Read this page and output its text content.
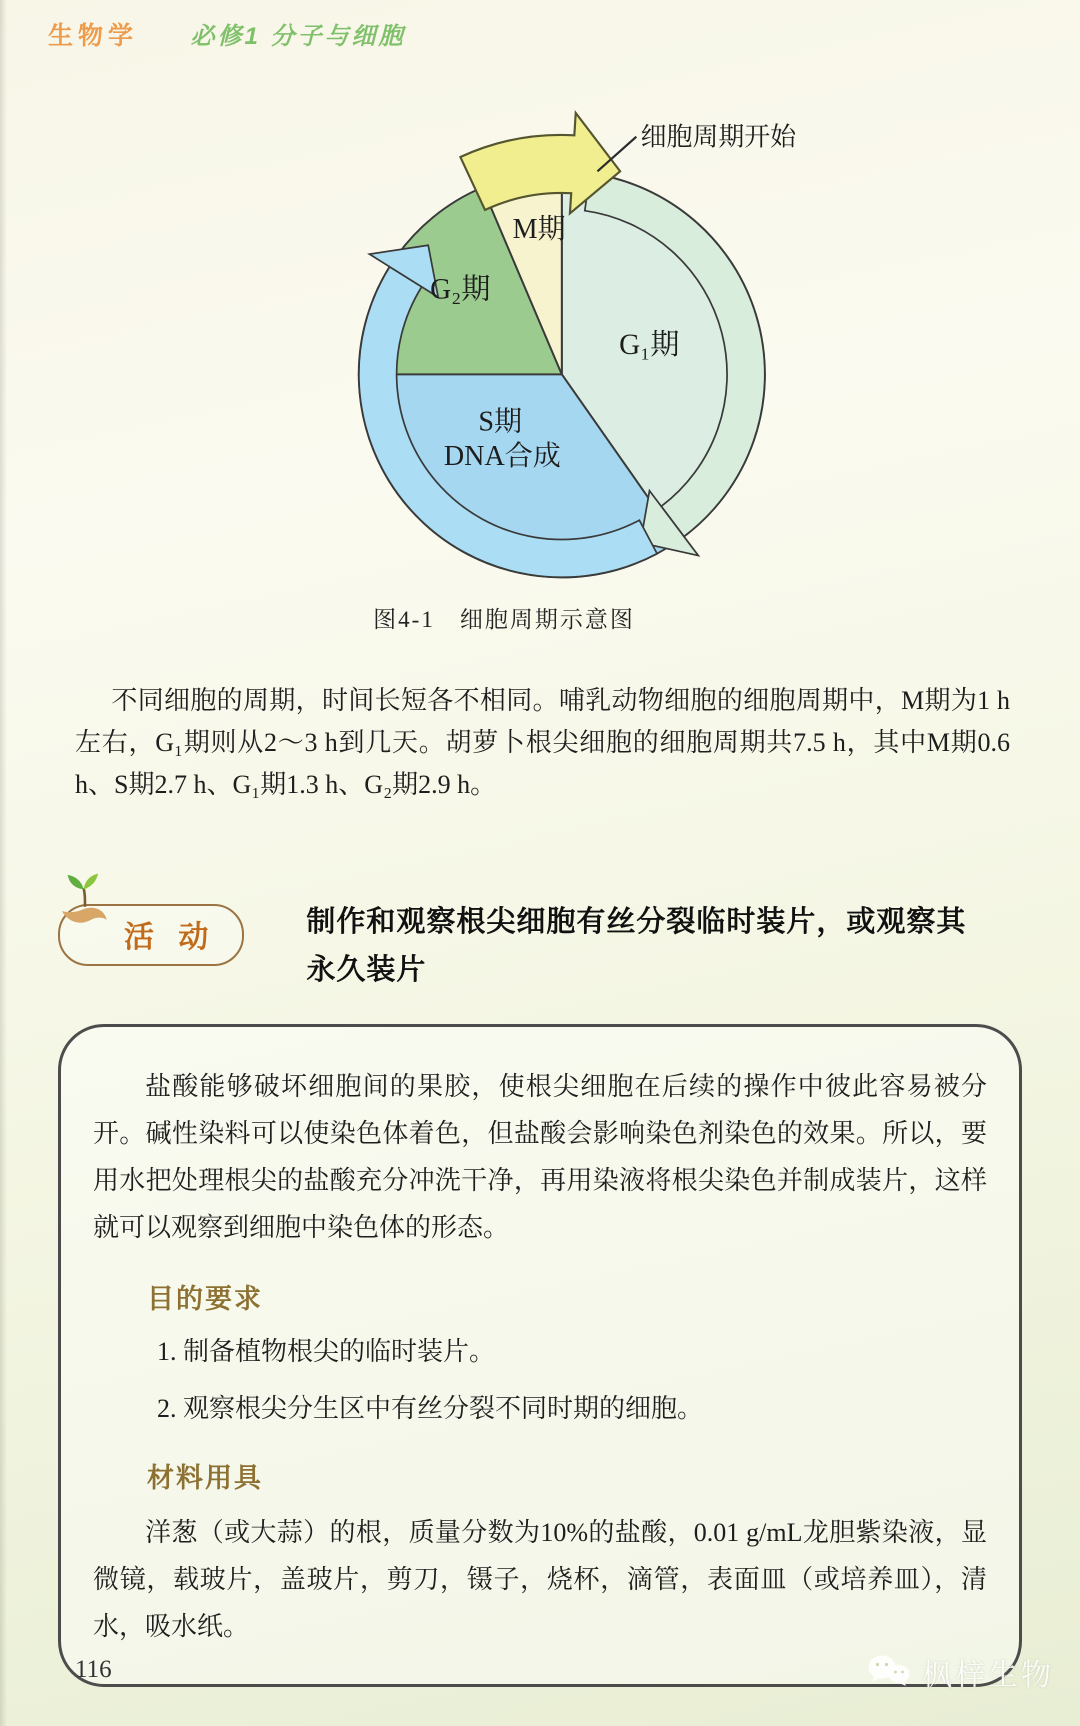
生物学 必修1 分子与细胞
细胞周期开始
M期
G₂期
G₁期
S期
DNA合成
图4-1　细胞周期示意图

不同细胞的周期，时间长短各不相同。哺乳动物细胞的细胞周期中，M期为1 h左右，G₁期则从2～3 h到几天。胡萝卜根尖细胞的细胞周期共7.5 h，其中M期0.6 h、S期2.7 h、G₁期1.3 h、G₂期2.9 h。

活 动	制作和观察根尖细胞有丝分裂临时装片，或观察其永久装片

盐酸能够破坏细胞间的果胶，使根尖细胞在后续的操作中彼此容易被分开。碱性染料可以使染色体着色，但盐酸会影响染色剂染色的效果。所以，要用水把处理根尖的盐酸充分冲洗干净，再用染液将根尖染色并制成装片，这样就可以观察到细胞中染色体的形态。

目的要求
1. 制备植物根尖的临时装片。
2. 观察根尖分生区中有丝分裂不同时期的细胞。
材料用具

洋葱（或大蒜）的根，质量分数为10%的盐酸，0.01 g/mL龙胆紫染液，显微镜，载玻片，盖玻片，剪刀，镊子，烧杯，滴管，表面皿（或培养皿），清水，吸水纸。

116	枫梓生物
